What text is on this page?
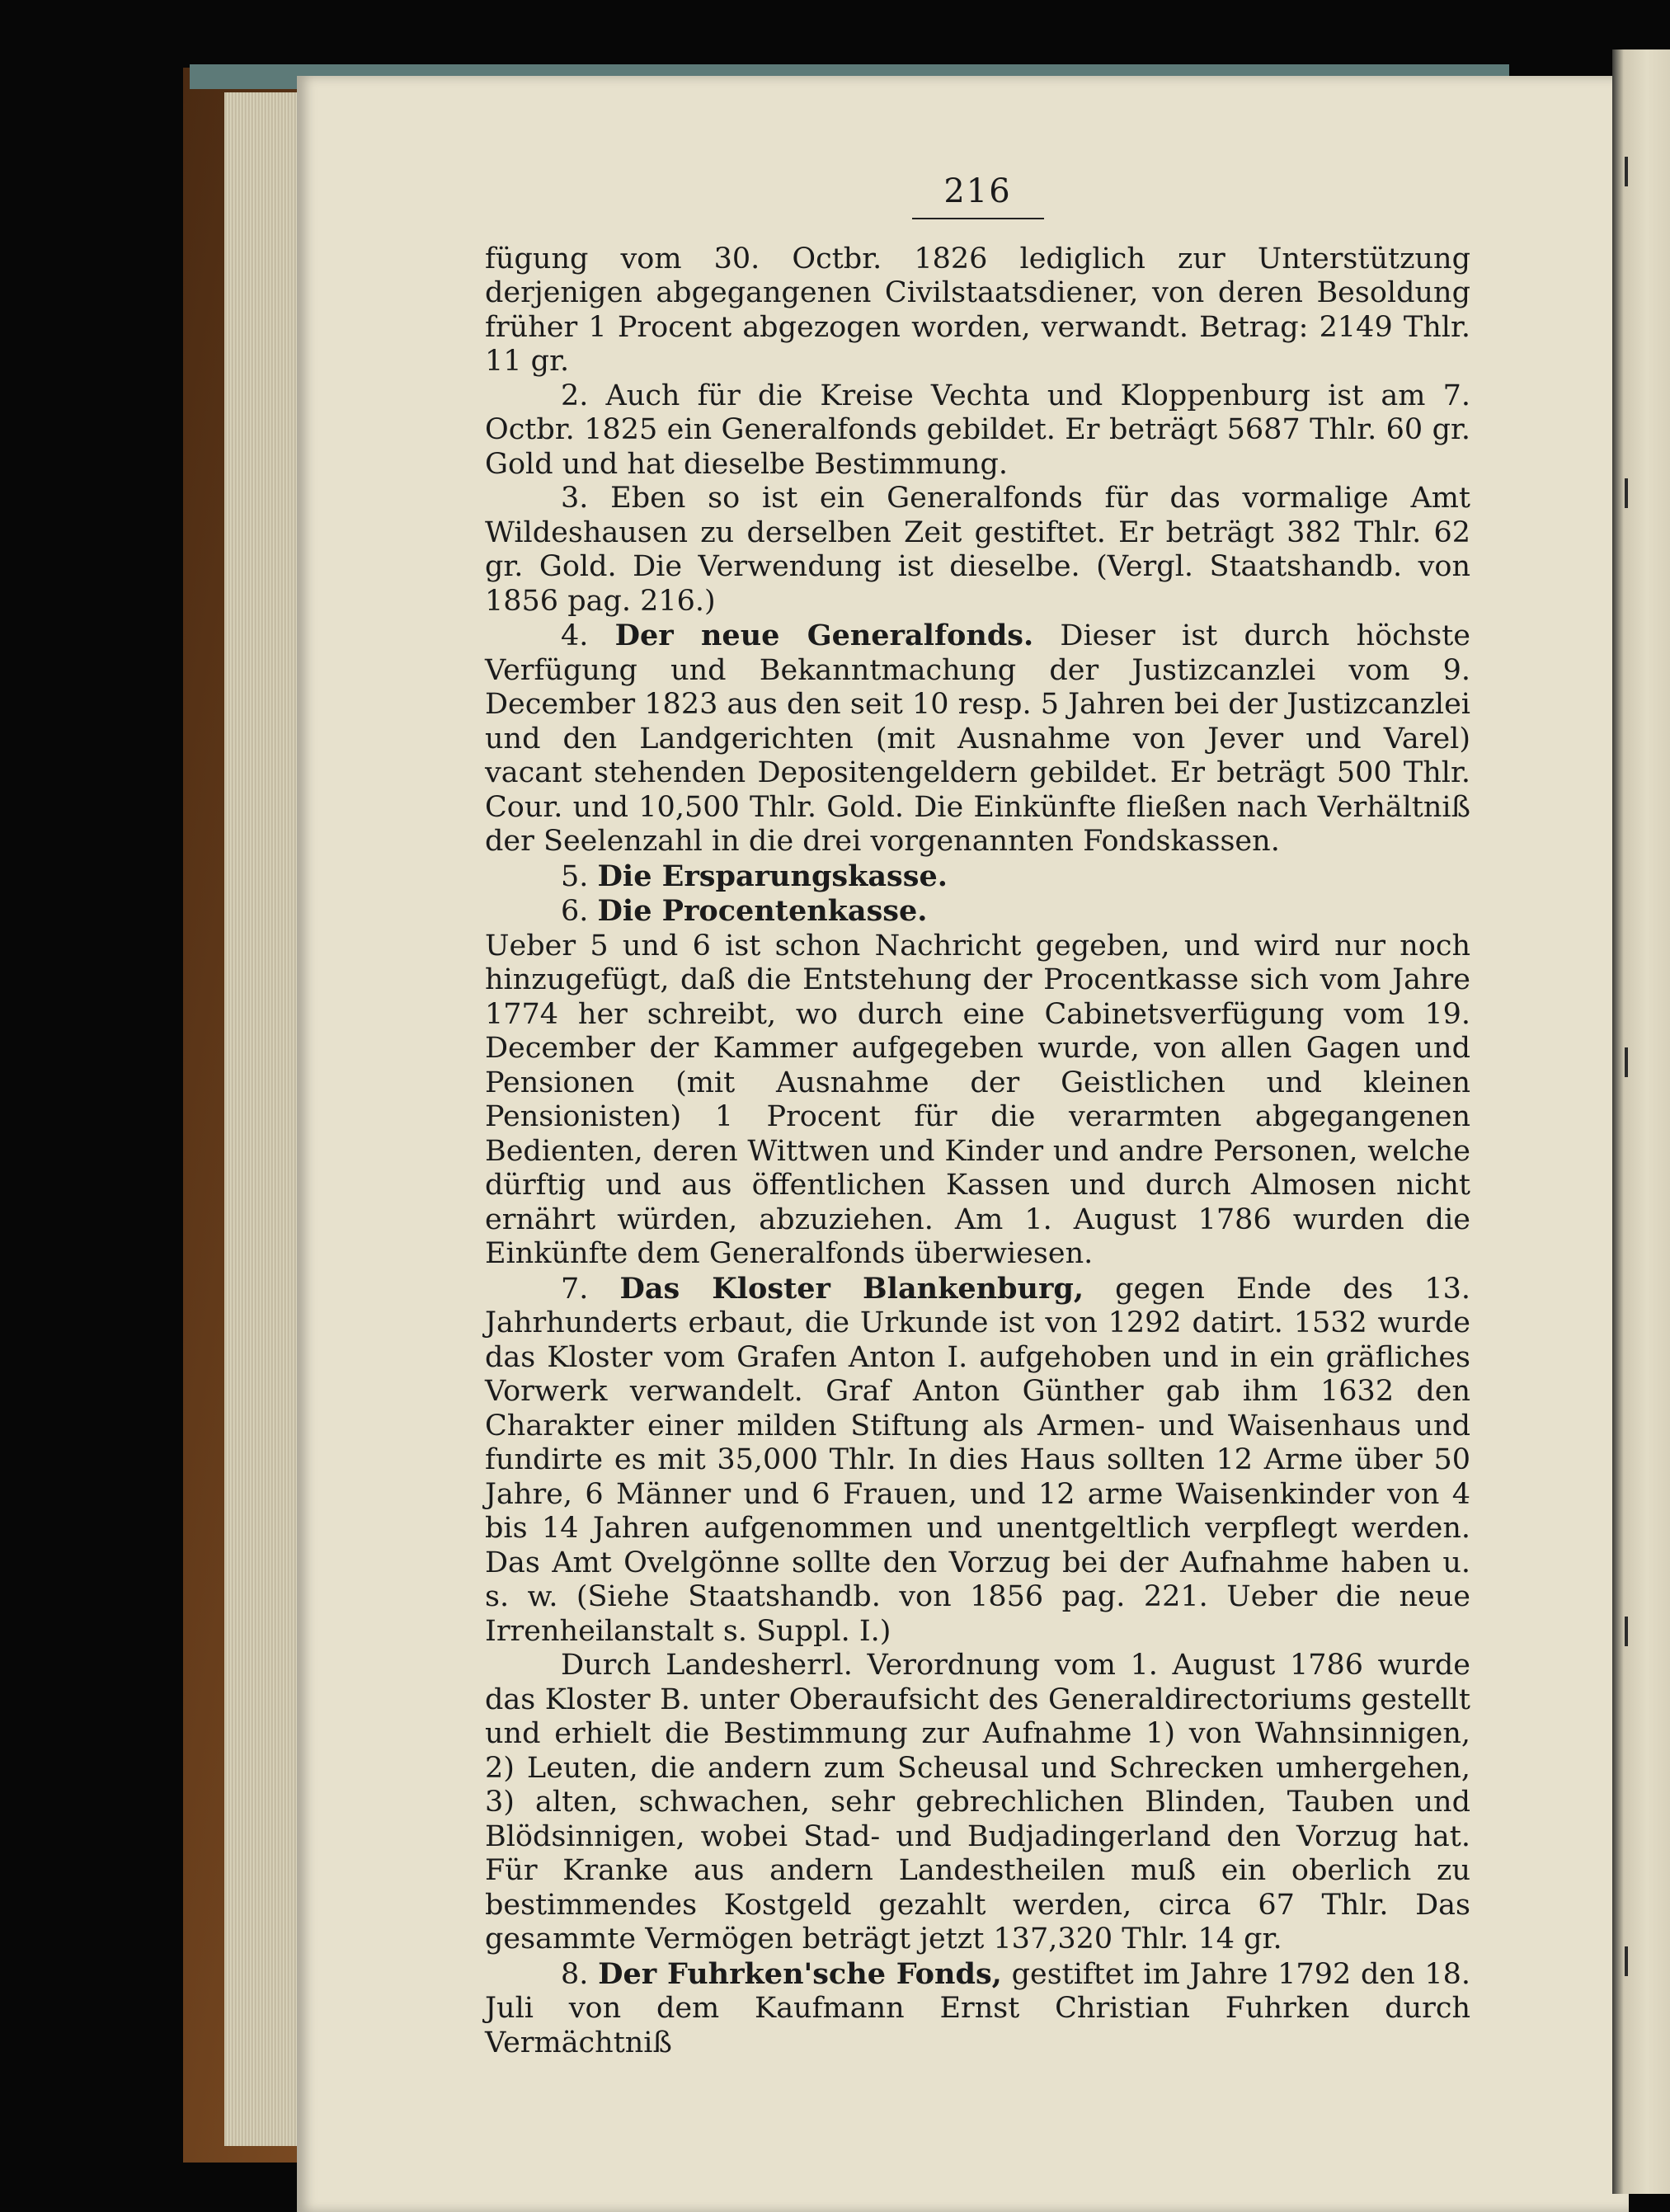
216

fügung vom 30. Octbr. 1826 lediglich zur Unterstützung derjenigen abgegangenen Civilstaatsdiener, von deren Besoldung früher 1 Procent abgezogen worden, verwandt. Betrag: 2149 Thlr. 11 gr.

2. Auch für die Kreise Vechta und Kloppenburg ist am 7. Octbr. 1825 ein Generalfonds gebildet. Er beträgt 5687 Thlr. 60 gr. Gold und hat dieselbe Bestimmung.

3. Eben so ist ein Generalfonds für das vormalige Amt Wildeshausen zu derselben Zeit gestiftet. Er beträgt 382 Thlr. 62 gr. Gold. Die Verwendung ist dieselbe. (Vergl. Staatshandb. von 1856 pag. 216.)

4. Der neue Generalfonds. Dieser ist durch höchste Verfügung und Bekanntmachung der Justizcanzlei vom 9. December 1823 aus den seit 10 resp. 5 Jahren bei der Justizcanzlei und den Landgerichten (mit Ausnahme von Jever und Varel) vacant stehenden Depositengeldern gebildet. Er beträgt 500 Thlr. Cour. und 10,500 Thlr. Gold. Die Einkünfte fließen nach Verhältniß der Seelenzahl in die drei vorgenannten Fondskassen.

5. Die Ersparungskasse.

6. Die Procentenkasse.

Ueber 5 und 6 ist schon Nachricht gegeben, und wird nur noch hinzugefügt, daß die Entstehung der Procentkasse sich vom Jahre 1774 her schreibt, wo durch eine Cabinetsverfügung vom 19. December der Kammer aufgegeben wurde, von allen Gagen und Pensionen (mit Ausnahme der Geistlichen und kleinen Pensionisten) 1 Procent für die verarmten abgegangenen Bedienten, deren Wittwen und Kinder und andre Personen, welche dürftig und aus öffentlichen Kassen und durch Almosen nicht ernährt würden, abzuziehen. Am 1. August 1786 wurden die Einkünfte dem Generalfonds überwiesen.

7. Das Kloster Blankenburg, gegen Ende des 13. Jahrhunderts erbaut, die Urkunde ist von 1292 datirt. 1532 wurde das Kloster vom Grafen Anton I. aufgehoben und in ein gräfliches Vorwerk verwandelt. Graf Anton Günther gab ihm 1632 den Charakter einer milden Stiftung als Armen- und Waisenhaus und fundirte es mit 35,000 Thlr. In dies Haus sollten 12 Arme über 50 Jahre, 6 Männer und 6 Frauen, und 12 arme Waisenkinder von 4 bis 14 Jahren aufgenommen und unentgeltlich verpflegt werden. Das Amt Ovelgönne sollte den Vorzug bei der Aufnahme haben u. s. w. (Siehe Staatshandb. von 1856 pag. 221. Ueber die neue Irrenheilanstalt s. Suppl. I.)

Durch Landesherrl. Verordnung vom 1. August 1786 wurde das Kloster B. unter Oberaufsicht des Generaldirectoriums gestellt und erhielt die Bestimmung zur Aufnahme 1) von Wahnsinnigen, 2) Leuten, die andern zum Scheusal und Schrecken umhergehen, 3) alten, schwachen, sehr gebrechlichen Blinden, Tauben und Blödsinnigen, wobei Stad- und Budjadingerland den Vorzug hat. Für Kranke aus andern Landestheilen muß ein oberlich zu bestimmendes Kostgeld gezahlt werden, circa 67 Thlr. Das gesammte Vermögen beträgt jetzt 137,320 Thlr. 14 gr.

8. Der Fuhrken'sche Fonds, gestiftet im Jahre 1792 den 18. Juli von dem Kaufmann Ernst Christian Fuhrken durch Vermächtniß
